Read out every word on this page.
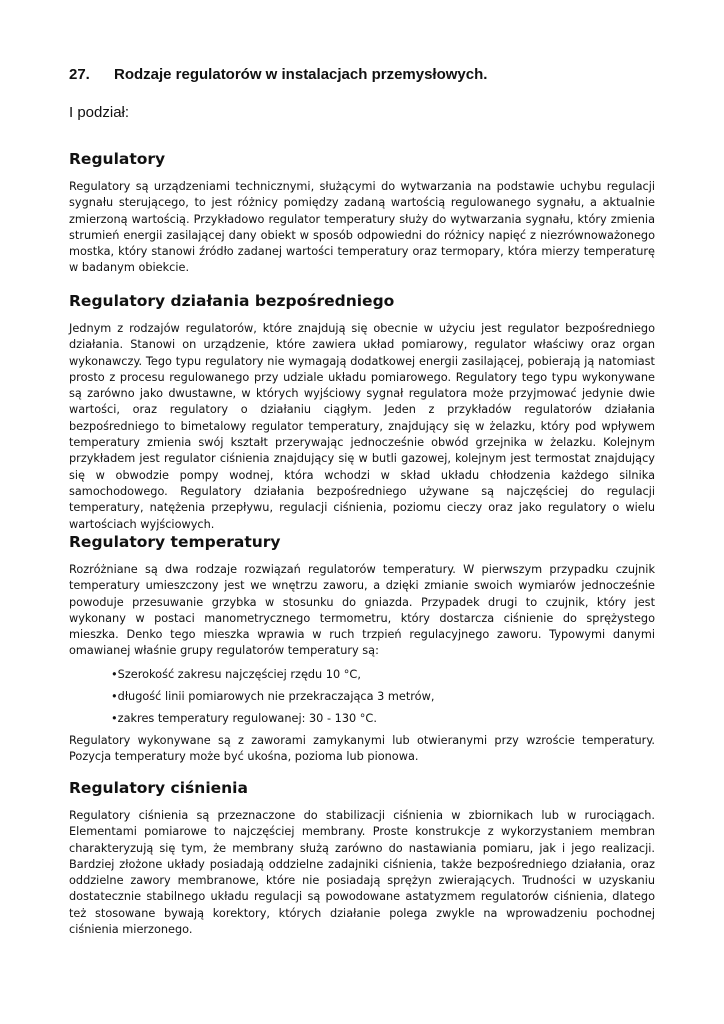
27. Rodzaje regulatorów w instalacjach przemysłowych.

I podział:

Regulatory

Regulatory są urządzeniami technicznymi, służącymi do wytwarzania na podstawie uchybu regulacji sygnału sterującego, to jest różnicy pomiędzy zadaną wartością regulowanego sygnału, a aktualnie zmierzoną wartością. Przykładowo regulator temperatury służy do wytwarzania sygnału, który zmienia strumień energii zasilającej dany obiekt w sposób odpowiedni do różnicy napięć z niezrównoważonego mostka, który stanowi źródło zadanej wartości temperatury oraz termopary, która mierzy temperaturę w badanym obiekcie.

Regulatory działania bezpośredniego

Jednym z rodzajów regulatorów, które znajdują się obecnie w użyciu jest regulator bezpośredniego działania. Stanowi on urządzenie, które zawiera układ pomiarowy, regulator właściwy oraz organ wykonawczy. Tego typu regulatory nie wymagają dodatkowej energii zasilającej, pobierają ją natomiast prosto z procesu regulowanego przy udziale układu pomiarowego. Regulatory tego typu wykonywane są zarówno jako dwustawne, w których wyjściowy sygnał regulatora może przyjmować jedynie dwie wartości, oraz regulatory o działaniu ciągłym. Jeden z przykładów regulatorów działania bezpośredniego to bimetalowy regulator temperatury, znajdujący się w żelazku, który pod wpływem temperatury zmienia swój kształt przerywając jednocześnie obwód grzejnika w żelazku. Kolejnym przykładem jest regulator ciśnienia znajdujący się w butli gazowej, kolejnym jest termostat znajdujący się w obwodzie pompy wodnej, która wchodzi w skład układu chłodzenia każdego silnika samochodowego. Regulatory działania bezpośredniego używane są najczęściej do regulacji temperatury, natężenia przepływu, regulacji ciśnienia, poziomu cieczy oraz jako regulatory o wielu wartościach wyjściowych.

Regulatory temperatury

Rozróżniane są dwa rodzaje rozwiązań regulatorów temperatury. W pierwszym przypadku czujnik temperatury umieszczony jest we wnętrzu zaworu, a dzięki zmianie swoich wymiarów jednocześnie powoduje przesuwanie grzybka w stosunku do gniazda. Przypadek drugi to czujnik, który jest wykonany w postaci manometrycznego termometru, który dostarcza ciśnienie do sprężystego mieszka. Denko tego mieszka wprawia w ruch trzpień regulacyjnego zaworu. Typowymi danymi omawianej właśnie grupy regulatorów temperatury są:

•Szerokość zakresu najczęściej rzędu 10 °C,

•długość linii pomiarowych nie przekraczająca 3 metrów,

•zakres temperatury regulowanej: 30 - 130 °C.

Regulatory wykonywane są z zaworami zamykanymi lub otwieranymi przy wzroście temperatury. Pozycja temperatury może być ukośna, pozioma lub pionowa.

Regulatory ciśnienia

Regulatory ciśnienia są przeznaczone do stabilizacji ciśnienia w zbiornikach lub w rurociągach. Elementami pomiarowe to najczęściej membrany. Proste konstrukcje z wykorzystaniem membran charakteryzują się tym, że membrany służą zarówno do nastawiania pomiaru, jak i jego realizacji. Bardziej złożone układy posiadają oddzielne zadajniki ciśnienia, także bezpośredniego działania, oraz oddzielne zawory membranowe, które nie posiadają sprężyn zwierających. Trudności w uzyskaniu dostatecznie stabilnego układu regulacji są powodowane astatyzmem regulatorów ciśnienia, dlatego też stosowane bywają korektory, których działanie polega zwykle na wprowadzeniu pochodnej ciśnienia mierzonego.
